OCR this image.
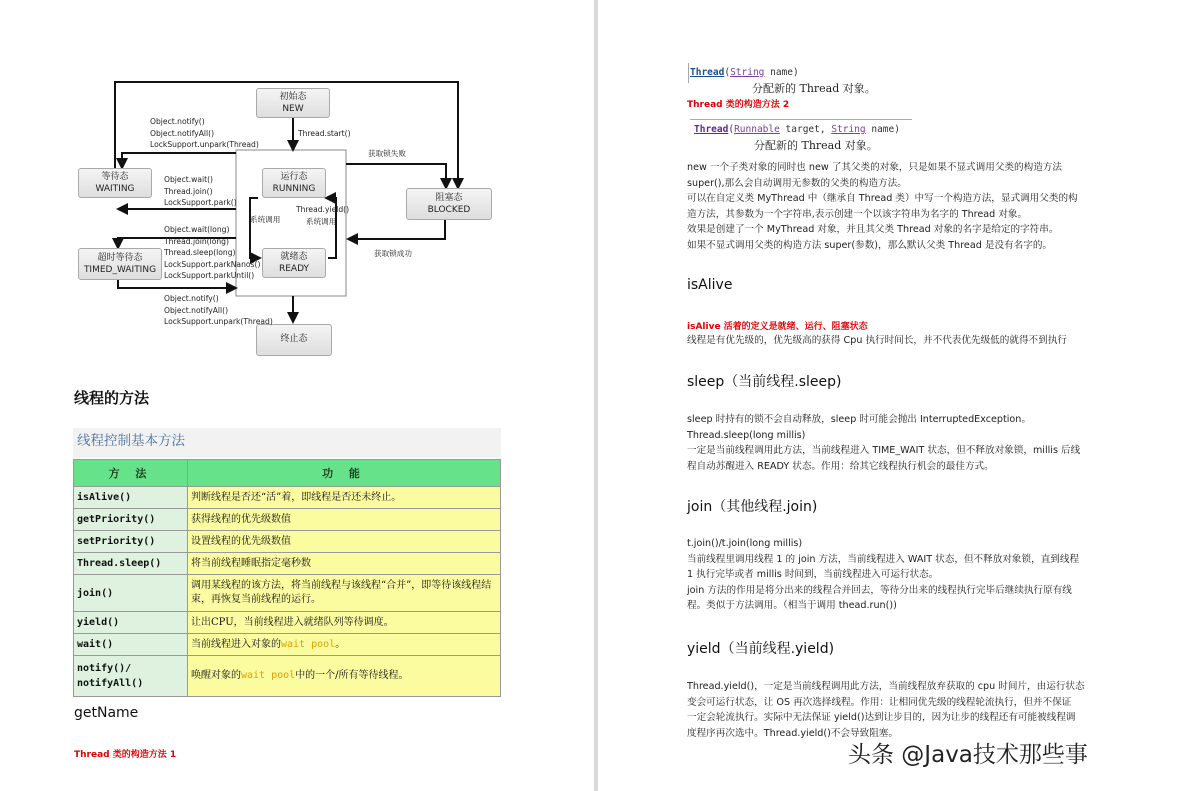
初始态
NEW
运行态
RUNNING
等待态
WAITING
阻塞态
BLOCKED
超时等待态
TIMED_WAITING
就绪态
READY
终止态
Object.notify()
Object.notifyAll()
LockSupport.unpark(Thread)
Thread.start()
获取锁失败
Object.wait()
Thread.join()
LockSupport.park()
系统调用
Thread.yield()
系统调用
Object.wait(long)
Thread.join(long)
Thread.sleep(long)
LockSupport.parkNanos()
LockSupport.parkUntil()
获取锁成功
Object.notify()
Object.notifyAll()
LockSupport.unpark(Thread)
线程的方法
线程控制基本方法
方 法	功 能
isAlive()	判断线程是否还“活”着，即线程是否还未终止。
getPriority()	获得线程的优先级数值
setPriority()	设置线程的优先级数值
Thread.sleep()	将当前线程睡眠指定毫秒数
join()	调用某线程的该方法，将当前线程与该线程“合并”，即等待该线程结束，再恢复当前线程的运行。
yield()	让出CPU，当前线程进入就绪队列等待调度。
wait()	当前线程进入对象的wait pool。

notify()/
notifyAll()	唤醒对象的wait pool中的一个/所有等待线程。
getName

Thread 类的构造方法 1

Thread(String name)
分配新的 Thread 对象。

Thread 类的构造方法 2

Thread(Runnable target, String name)
分配新的 Thread 对象。
new 一个子类对象的同时也 new 了其父类的对象，只是如果不显式调用父类的构造方法
super(),那么会自动调用无参数的父类的构造方法。
可以在自定义类 MyThread 中（继承自 Thread 类）中写一个构造方法，显式调用父类的构
造方法，其参数为一个字符串,表示创建一个以该字符串为名字的 Thread 对象。
效果是创建了一个 MyThread 对象，并且其父类 Thread 对象的名字是给定的字符串。
如果不显式调用父类的构造方法 super(参数)，那么默认父类 Thread 是没有名字的。
isAlive

isAlive 活着的定义是就绪、运行、阻塞状态

线程是有优先级的，优先级高的获得 Cpu 执行时间长，并不代表优先级低的就得不到执行

sleep（当前线程.sleep)
sleep 时持有的锁不会自动释放，sleep 时可能会抛出 InterruptedException。
Thread.sleep(long millis)
一定是当前线程调用此方法，当前线程进入 TIME_WAIT 状态，但不释放对象锁，millis 后线
程自动苏醒进入 READY 状态。作用：给其它线程执行机会的最佳方式。
join（其他线程.join)
t.join()/t.join(long millis)
当前线程里调用线程 1 的 join 方法，当前线程进入 WAIT 状态，但不释放对象锁，直到线程
1 执行完毕或者 millis 时间到，当前线程进入可运行状态。
join 方法的作用是将分出来的线程合并回去，等待分出来的线程执行完毕后继续执行原有线
程。类似于方法调用。（相当于调用 thead.run())
yield（当前线程.yield)
Thread.yield()，一定是当前线程调用此方法，当前线程放弃获取的 cpu 时间片，由运行状态
变会可运行状态，让 OS 再次选择线程。作用：让相同优先级的线程轮流执行，但并不保证
一定会轮流执行。实际中无法保证 yield()达到让步目的，因为让步的线程还有可能被线程调
度程序再次选中。Thread.yield()不会导致阻塞。
头条 @Java技术那些事
